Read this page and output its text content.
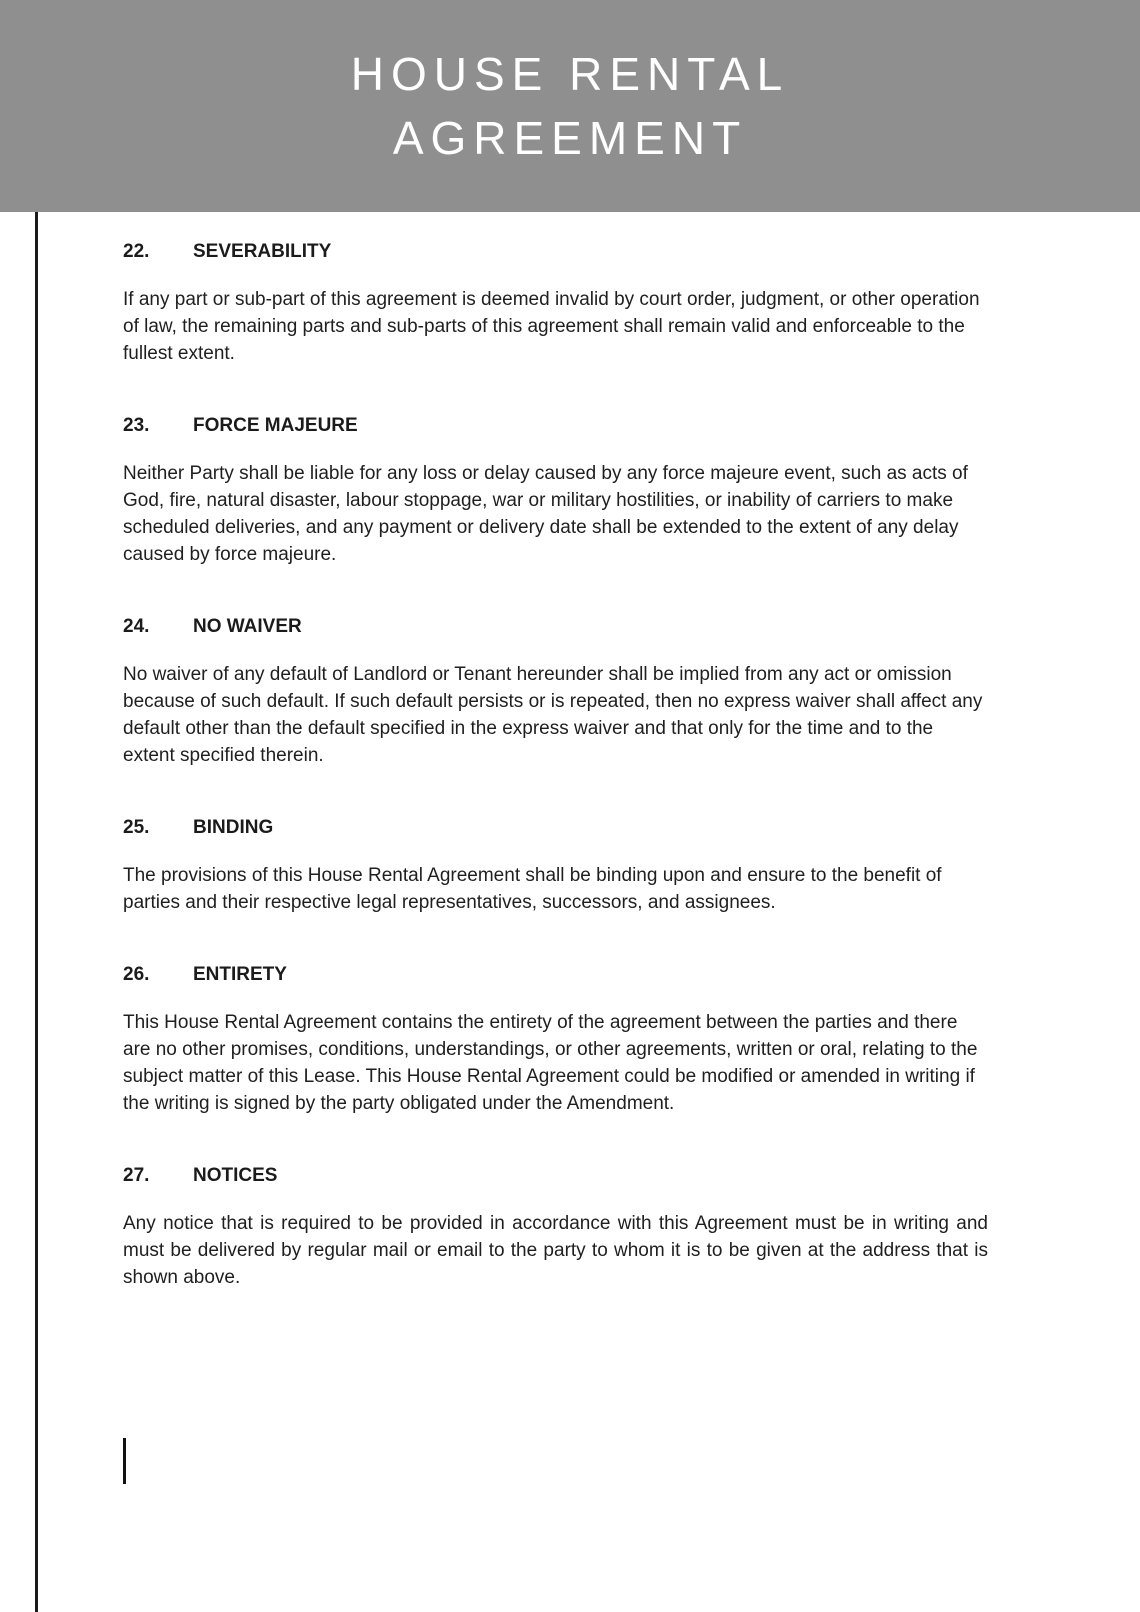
HOUSE RENTAL
AGREEMENT
22. SEVERABILITY

If any part or sub-part of this agreement is deemed invalid by court order, judgment, or other operation of law, the remaining parts and sub-parts of this agreement shall remain valid and enforceable to the fullest extent.

23. FORCE MAJEURE

Neither Party shall be liable for any loss or delay caused by any force majeure event, such as acts of God, fire, natural disaster, labour stoppage, war or military hostilities, or inability of carriers to make scheduled deliveries, and any payment or delivery date shall be extended to the extent of any delay caused by force majeure.

24. NO WAIVER

No waiver of any default of Landlord or Tenant hereunder shall be implied from any act or omission because of such default. If such default persists or is repeated, then no express waiver shall affect any default other than the default specified in the express waiver and that only for the time and to the extent specified therein.

25. BINDING

The provisions of this House Rental Agreement shall be binding upon and ensure to the benefit of parties and their respective legal representatives, successors, and assignees.

26. ENTIRETY

This House Rental Agreement contains the entirety of the agreement between the parties and there are no other promises, conditions, understandings, or other agreements, written or oral, relating to the subject matter of this Lease. This House Rental Agreement could be modified or amended in writing if the writing is signed by the party obligated under the Amendment.

27. NOTICES

Any notice that is required to be provided in accordance with this Agreement must be in writing and must be delivered by regular mail or email to the party to whom it is to be given at the address that is shown above.
